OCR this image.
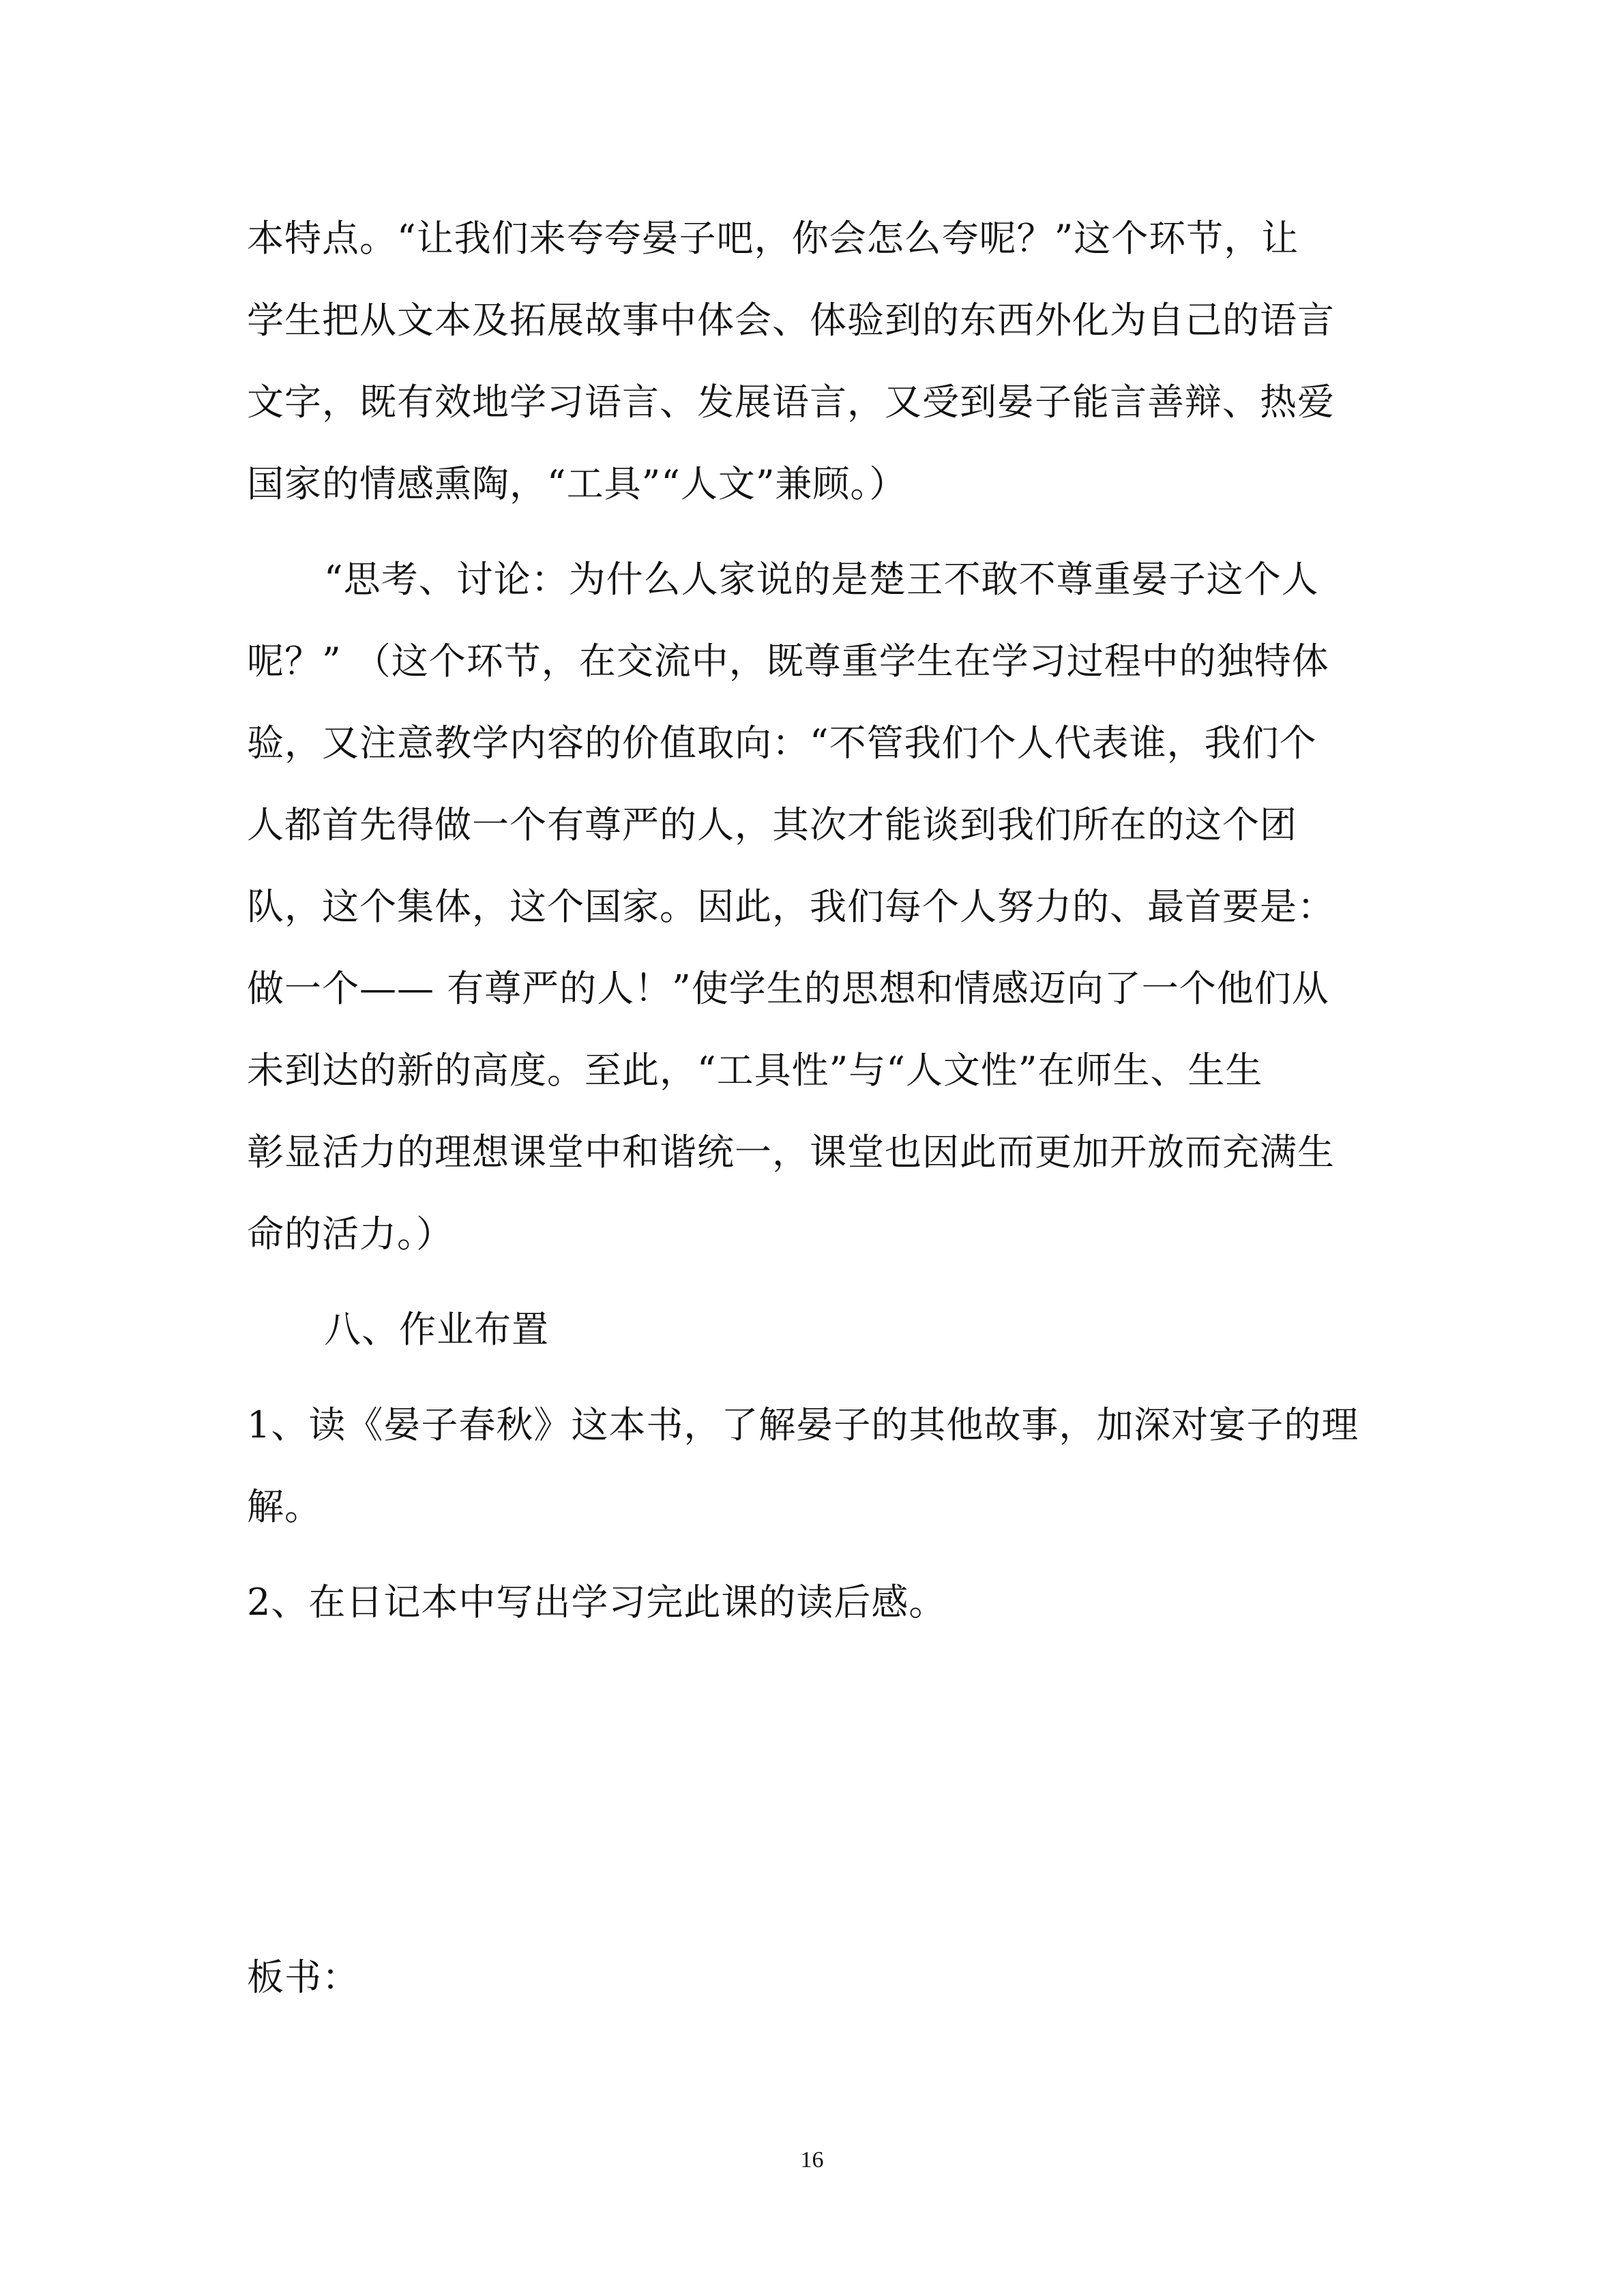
本特点。“让我们来夸夸晏子吧，你会怎么夸呢？”这个环节，让
学生把从文本及拓展故事中体会、体验到的东西外化为自己的语言
文字，既有效地学习语言、发展语言，又受到晏子能言善辩、热爱
国家的情感熏陶，“工具”“人文”兼顾。）
“思考、讨论：为什么人家说的是楚王不敢不尊重晏子这个人
呢？” （这个环节，在交流中，既尊重学生在学习过程中的独特体
验，又注意教学内容的价值取向：“不管我们个人代表谁，我们个
人都首先得做一个有尊严的人，其次才能谈到我们所在的这个团
队，这个集体，这个国家。因此，我们每个人努力的、最首要是：
做一个—— 有尊严的人！”使学生的思想和情感迈向了一个他们从
未到达的新的高度。至此，“工具性”与“人文性”在师生、生生
彰显活力的理想课堂中和谐统一，课堂也因此而更加开放而充满生
命的活力。）
八、作业布置
1、读《晏子春秋》这本书，了解晏子的其他故事，加深对宴子的理
解。
2、在日记本中写出学习完此课的读后感。
板书：
16
